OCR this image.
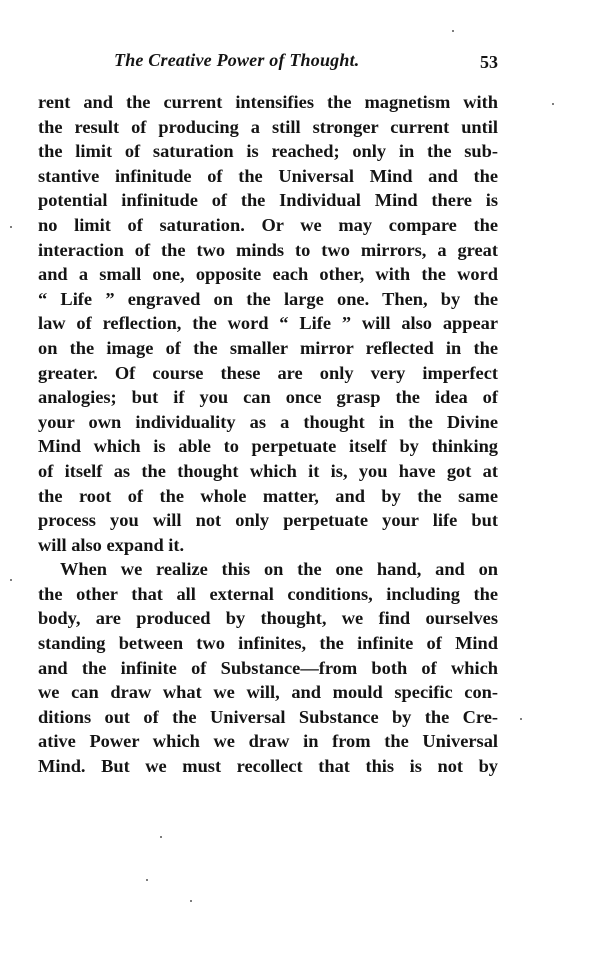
The Creative Power of Thought.	53
rent and the current intensifies the magnetism with
the result of producing a still stronger current until
the limit of saturation is reached; only in the sub-
stantive infinitude of the Universal Mind and the
potential infinitude of the Individual Mind there is
no limit of saturation. Or we may compare the
interaction of the two minds to two mirrors, a great
and a small one, opposite each other, with the word
“ Life ” engraved on the large one. Then, by the
law of reflection, the word “ Life ” will also appear
on the image of the smaller mirror reflected in the
greater. Of course these are only very imperfect
analogies; but if you can once grasp the idea of
your own individuality as a thought in the Divine
Mind which is able to perpetuate itself by thinking
of itself as the thought which it is, you have got at
the root of the whole matter, and by the same
process you will not only perpetuate your life but
will also expand it.
When we realize this on the one hand, and on
the other that all external conditions, including the
body, are produced by thought, we find ourselves
standing between two infinites, the infinite of Mind
and the infinite of Substance—from both of which
we can draw what we will, and mould specific con-
ditions out of the Universal Substance by the Cre-
ative Power which we draw in from the Universal
Mind. But we must recollect that this is not by
